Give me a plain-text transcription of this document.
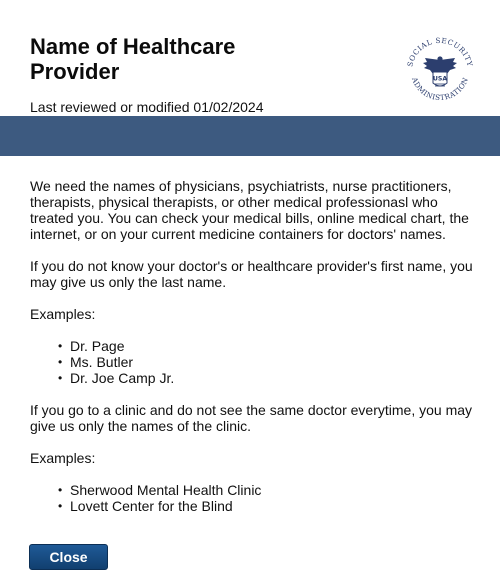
Name of Healthcare
Provider
Last reviewed or modified 01/02/2024
SOCIAL SECURITY
ADMINISTRATION
USA

We need the names of physicians, psychiatrists, nurse practitioners, therapists, physical therapists, or other medical professionasl who treated you. You can check your medical bills, online medical chart, the internet, or on your current medicine containers for doctors' names.

If you do not know your doctor's or healthcare provider's first name, you may give us only the last name.

Examples:

• Dr. Page
• Ms. Butler
• Dr. Joe Camp Jr.

If you go to a clinic and do not see the same doctor everytime, you may give us only the names of the clinic.

Examples:

• Sherwood Mental Health Clinic
• Lovett Center for the Blind
Close
